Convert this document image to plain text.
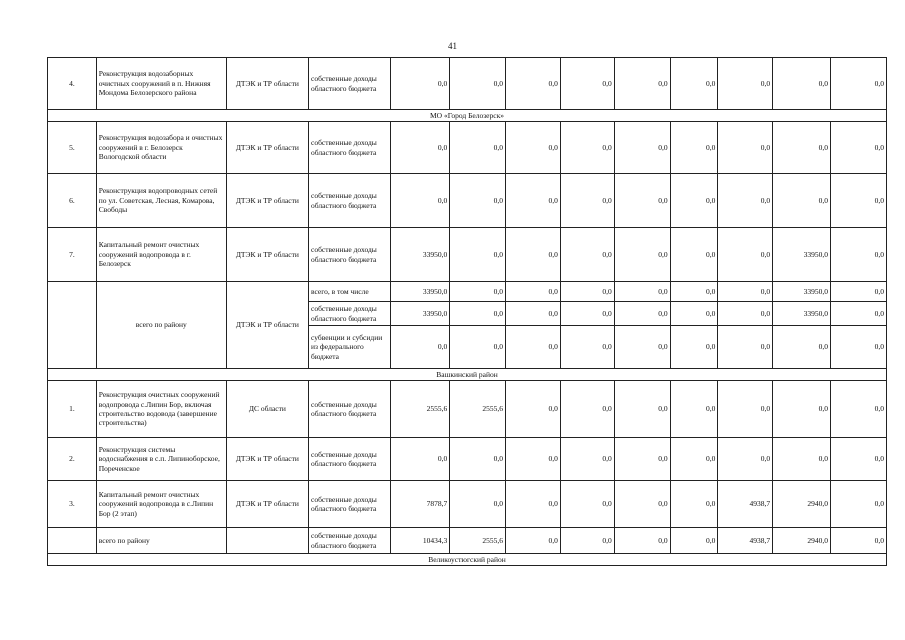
41
4.	Реконструкция водозаборных очистных сооружений в п. Нижняя Мондома Белозерского района	ДТЭК и ТР области	собственные доходы областного бюджета	0,0	0,0	0,0	0,0	0,0	0,0	0,0	0,0	0,0
МО «Город Белозерск»												
5.	Реконструкция водозабора и очистных сооружений в г. Белозерск Вологодской области	ДТЭК и ТР области	собственные доходы областного бюджета	0,0	0,0	0,0	0,0	0,0	0,0	0,0	0,0	0,0
6.	Реконструкция водопроводных сетей по ул. Советская, Лесная, Комарова, Свободы	ДТЭК и ТР области	собственные доходы областного бюджета	0,0	0,0	0,0	0,0	0,0	0,0	0,0	0,0	0,0
7.	Капитальный ремонт очистных сооружений водопровода в г. Белозерск	ДТЭК и ТР области	собственные доходы областного бюджета	33950,0	0,0	0,0	0,0	0,0	0,0	0,0	33950,0	0,0
	всего по району	ДТЭК и ТР области	всего, в том числе	33950,0	0,0	0,0	0,0	0,0	0,0	0,0	33950,0	0,0
			собственные доходы областного бюджета	33950,0	0,0	0,0	0,0	0,0	0,0	0,0	33950,0	0,0
			субвенции и субсидии из федерального бюджета	0,0	0,0	0,0	0,0	0,0	0,0	0,0	0,0	0,0
Вашкинский район												
1.	Реконструкция очистных сооружений водопровода с.Липин Бор, включая строительство водовода (завершение строительства)	ДС области	собственные доходы областного бюджета	2555,6	2555,6	0,0	0,0	0,0	0,0	0,0	0,0	0,0
2.	Реконструкция системы водоснабжения в с.п. Липиноборское, Пореченское	ДТЭК и ТР области	собственные доходы областного бюджета	0,0	0,0	0,0	0,0	0,0	0,0	0,0	0,0	0,0
3.	Капитальный ремонт очистных сооружений водопровода в с.Липин Бор (2 этап)	ДТЭК и ТР области	собственные доходы областного бюджета	7878,7	0,0	0,0	0,0	0,0	0,0	4938,7	2940,0	0,0
	всего по району		собственные доходы областного бюджета	10434,3	2555,6	0,0	0,0	0,0	0,0	4938,7	2940,0	0,0
Великоустюгский район												
